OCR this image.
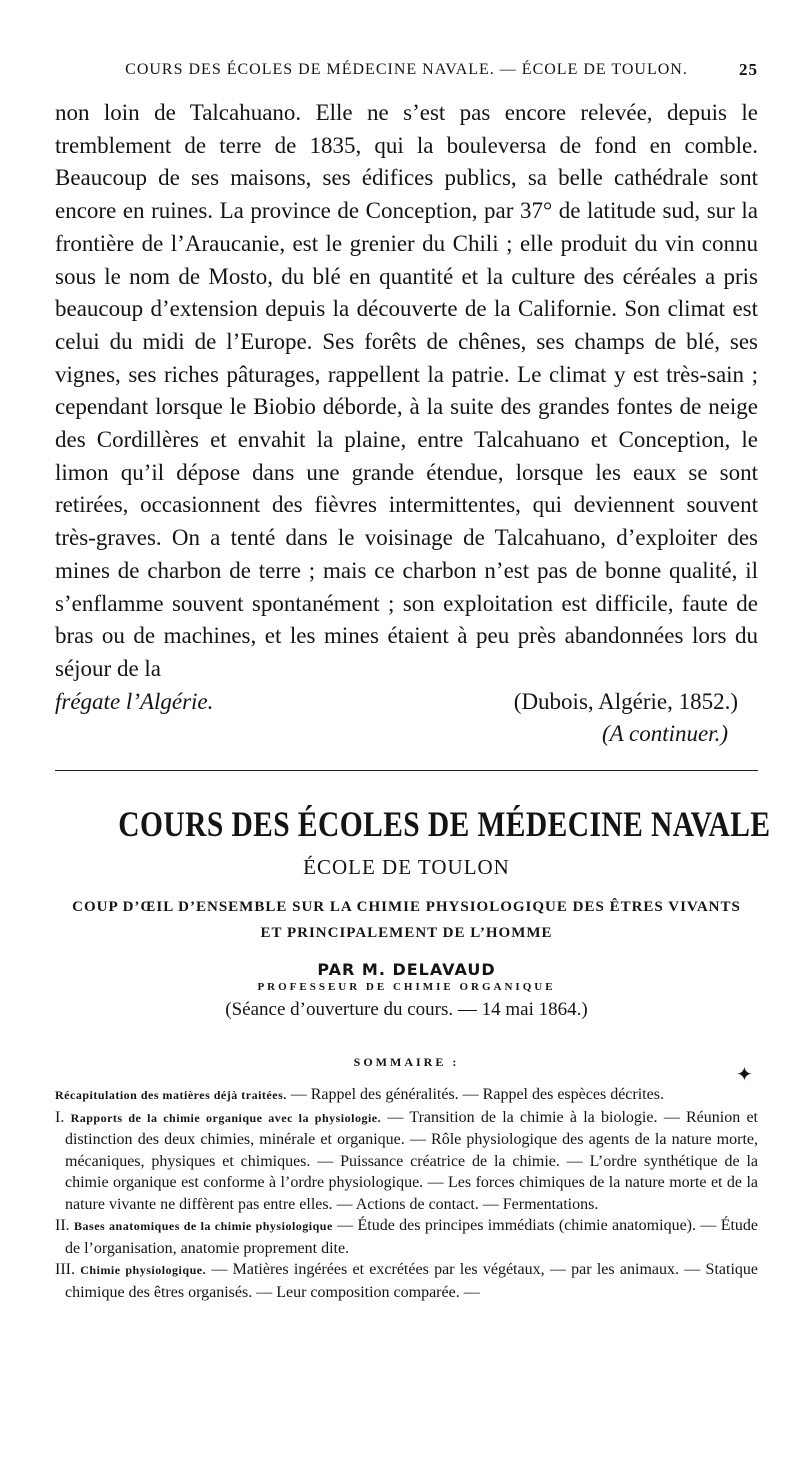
COURS DES ÉCOLES DE MÉDECINE NAVALE. — ÉCOLE DE TOULON.	25

non loin de Talcahuano. Elle ne s’est pas encore relevée, depuis le tremblement de terre de 1835, qui la bouleversa de fond en comble. Beaucoup de ses maisons, ses édifices publics, sa belle cathédrale sont encore en ruines. La province de Conception, par 37° de latitude sud, sur la frontière de l’Araucanie, est le grenier du Chili ; elle produit du vin connu sous le nom de Mosto, du blé en quantité et la culture des céréales a pris beaucoup d’extension depuis la découverte de la Californie. Son climat est celui du midi de l’Europe. Ses forêts de chênes, ses champs de blé, ses vignes, ses riches pâturages, rappellent la patrie. Le climat y est très-sain ; cependant lorsque le Biobio déborde, à la suite des grandes fontes de neige des Cordillères et envahit la plaine, entre Talcahuano et Conception, le limon qu’il dépose dans une grande étendue, lorsque les eaux se sont retirées, occasionnent des fièvres intermittentes, qui deviennent souvent très-graves. On a tenté dans le voisinage de Talcahuano, d’exploiter des mines de charbon de terre ; mais ce charbon n’est pas de bonne qualité, il s’enflamme souvent spontanément ; son exploitation est difficile, faute de bras ou de machines, et les mines étaient à peu près abandonnées lors du séjour de la

frégate l’Algérie.	(Dubois, Algérie, 1852.)
(A continuer.)
COURS DES ÉCOLES DE MÉDECINE NAVALE
ÉCOLE DE TOULON
COUP D’ŒIL D’ENSEMBLE SUR LA CHIMIE PHYSIOLOGIQUE DES ÊTRES VIVANTS
ET PRINCIPALEMENT DE L’HOMME
PAR M. DELAVAUD
PROFESSEUR DE CHIMIE ORGANIQUE
(Séance d’ouverture du cours. — 14 mai 1864.)
SOMMAIRE :

Récapitulation des matières déjà traitées. — Rappel des généralités. — Rappel des espèces décrites.

I. Rapports de la chimie organique avec la physiologie. — Transition de la chimie à la biologie. — Réunion et distinction des deux chimies, minérale et organique. — Rôle physiologique des agents de la nature morte, mécaniques, physiques et chimiques. — Puissance créatrice de la chimie. — L’ordre synthétique de la chimie organique est conforme à l’ordre physiologique. — Les forces chimiques de la nature morte et de la nature vivante ne diffèrent pas entre elles. — Actions de contact. — Fermentations.

II. Bases anatomiques de la chimie physiologique — Étude des principes immédiats (chimie anatomique). — Étude de l’organisation, anatomie proprement dite.

III. Chimie physiologique. — Matières ingérées et excrétées par les végétaux, — par les animaux. — Statique chimique des êtres organisés. — Leur composition comparée. —

✦
